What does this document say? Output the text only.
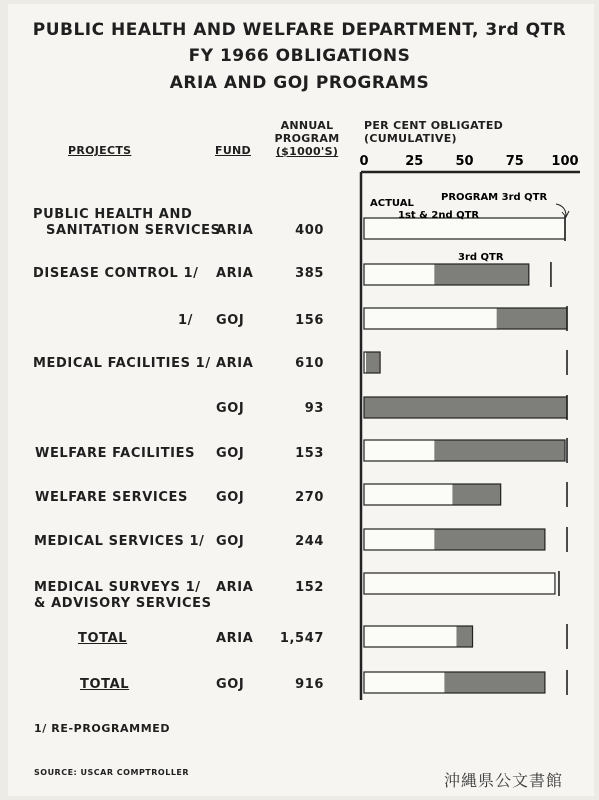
PUBLIC HEALTH AND WELFARE DEPARTMENT, 3rd QTR
FY 1966 OBLIGATIONS
ARIA AND GOJ PROGRAMS
PROJECTS	FUND
ANNUAL
PROGRAM
($1000'S)
PER CENT OBLIGATED (CUMULATIVE)
PUBLIC HEALTH AND
SANITATION SERVICES
ARIA	400
DISEASE CONTROL 1/ ARIA	385
1/ GOJ	156
MEDICAL FACILITIES 1/ ARIA	610
GOJ	93
WELFARE FACILITIES GOJ	153
WELFARE SERVICES GOJ	270
MEDICAL SERVICES 1/ GOJ	244
MEDICAL SURVEYS 1/
& ADVISORY SERVICES
ARIA	152
TOTAL	ARIA	1,547
TOTAL	GOJ	916
0	25 50 75 100
ACTUAL
1st & 2nd QTR
PROGRAM 3rd QTR
3rd QTR
1/ RE-PROGRAMMED
SOURCE: USCAR COMPTROLLER	沖縄県公文書館
